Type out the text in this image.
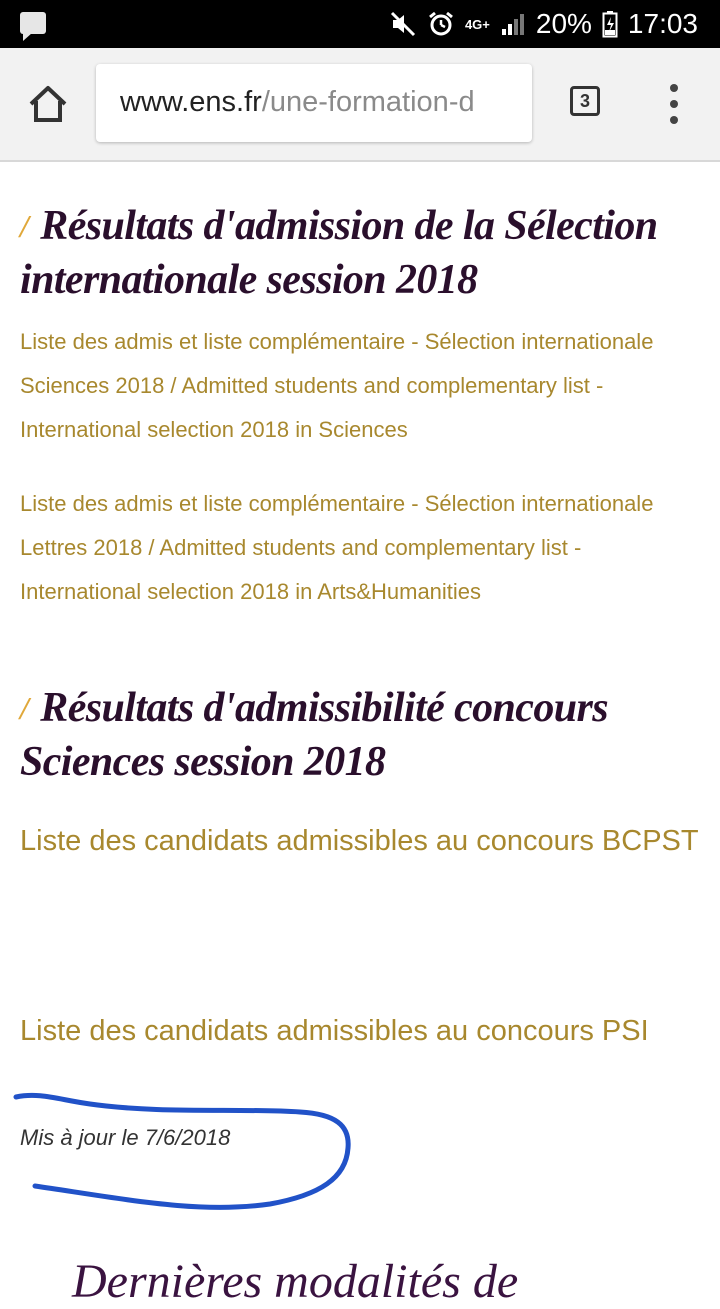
4G+ 20% 17:03
www.ens.fr/une-formation-d	3
/ Résultats d'admission de la Sélection internationale session 2018
Liste des admis et liste complémentaire - Sélection internationale Sciences 2018 / Admitted students and complementary list - International selection 2018 in Sciences
Liste des admis et liste complémentaire - Sélection internationale Lettres 2018 / Admitted students and complementary list - International selection 2018 in Arts&Humanities
/ Résultats d'admissibilité concours Sciences session 2018
Liste des candidats admissibles au concours BCPST
Liste des candidats admissibles au concours PSI
Mis à jour le 7/6/2018
Dernières modalités de
